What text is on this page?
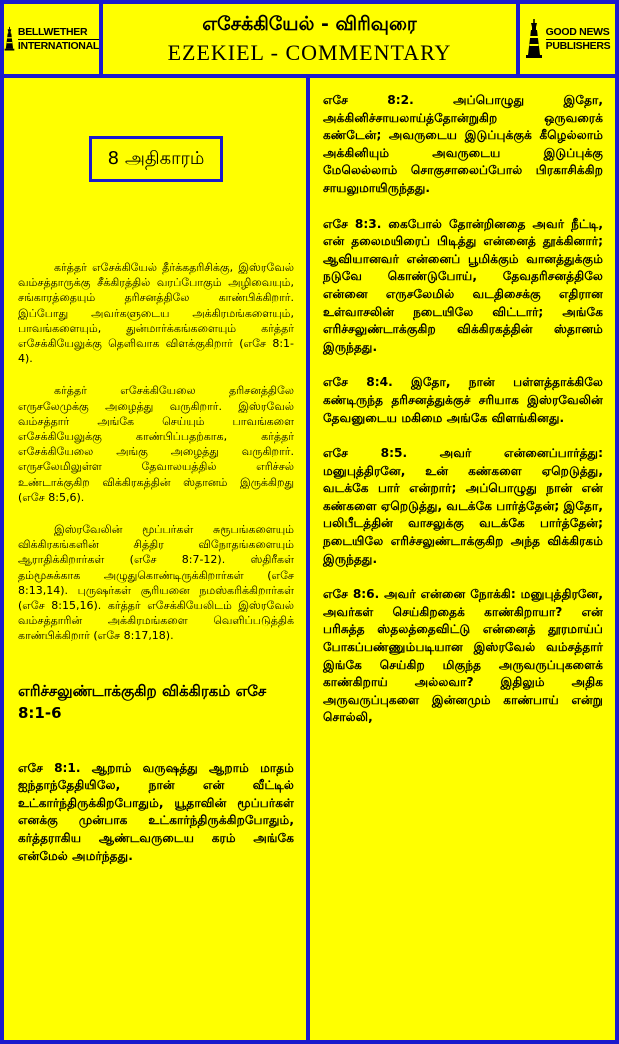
BELLWETHER
INTERNATIONAL
எசேக்கியேல் - விரிவுரை
EZEKIEL - COMMENTARY
GOOD NEWS
PUBLISHERS
8 அதிகாரம்

கர்த்தர் எசேக்கியேல் தீர்க்கதரிசிக்கு, இஸ்ரவேல் வம்சத்தாருக்கு சீக்கிரத்தில் வரப்போகும் அழிவையும், சங்காரத்தையும் தரிசனத்திலே காண்பிக்கிறார். இப்போது அவர்களுடைய அக்கிரமங்களையும், பாவங்களையும், துன்மார்க்கங்களையும் கர்த்தர் எசேக்கியேலுக்கு தெளிவாக விளக்குகிறார் (எசே 8:1-4).

கர்த்தர் எசேக்கியேலை தரிசனத்திலே எருசலேமுக்கு அழைத்து வருகிறார். இஸ்ரவேல் வம்சத்தார் அங்கே செய்யும் பாவங்களை எசேக்கியேலுக்கு காண்பிப்பதற்காக, கர்த்தர் எசேக்கியேலை அங்கு அழைத்து வருகிறார். எருசலேமிலுள்ள தேவாலயத்தில் எரிச்சல் உண்டாக்குகிற விக்கிரகத்தின் ஸ்தானம் இருக்கிறது (எசே 8:5,6).

இஸ்ரவேலின் மூப்பர்கள் சுரூபங்களையும் விக்கிரகங்களின் சித்திர விநோதங்களையும் ஆராதிக்கிறார்கள் (எசே 8:7-12). ஸ்திரீகள் தம்மூசுக்காக அழுதுகொண்டிருக்கிறார்கள் (எசே 8:13,14). புருஷர்கள் சூரியனை நமஸ்கரிக்கிறார்கள் (எசே 8:15,16). கர்த்தர் எசேக்கியேலிடம் இஸ்ரவேல் வம்சத்தாரின் அக்கிரமங்களை வெளிப்படுத்திக் காண்பிக்கிறார் (எசே 8:17,18).

எரிச்சலுண்டாக்குகிற விக்கிரகம் எசே 8:1-6

எசே 8:1. ஆறாம் வருஷத்து ஆறாம் மாதம் ஐந்தாந்தேதியிலே, நான் என் வீட்டில் உட்கார்ந்திருக்கிறபோதும், யூதாவின் மூப்பர்கள் எனக்கு முன்பாக உட்கார்ந்திருக்கிறபோதும், கர்த்தராகிய ஆண்டவருடைய கரம் அங்கே என்மேல் அமர்ந்தது.

எசே 8:2. அப்பொழுது இதோ, அக்கினிச்சாயலாய்த்தோன்றுகிற ஒருவரைக் கண்டேன்; அவருடைய இடுப்புக்குக் கீழெல்லாம் அக்கினியும் அவருடைய இடுப்புக்கு மேலெல்லாம் சொகுசாலைப்போல் பிரகாசிக்கிற சாயலுமாயிருந்தது.

எசே 8:3. கைபோல் தோன்றினதை அவர் நீட்டி, என் தலைமயிரைப் பிடித்து என்னைத் தூக்கினார்; ஆவியானவர் என்னைப் பூமிக்கும் வானத்துக்கும் நடுவே கொண்டுபோய், தேவதரிசனத்திலே என்னை எருசலேமில் வடதிசைக்கு எதிரான உள்வாசலின் நடையிலே விட்டார்; அங்கே எரிச்சலுண்டாக்குகிற விக்கிரகத்தின் ஸ்தானம் இருந்தது.

எசே 8:4. இதோ, நான் பள்ளத்தாக்கிலே கண்டிருந்த தரிசனத்துக்குச் சரியாக இஸ்ரவேலின் தேவனுடைய மகிமை அங்கே விளங்கினது.

எசே 8:5. அவர் என்னைப்பார்த்து: மனுபுத்திரனே, உன் கண்களை ஏறெடுத்து, வடக்கே பார் என்றார்; அப்பொழுது நான் என் கண்களை ஏறெடுத்து, வடக்கே பார்த்தேன்; இதோ, பலிபீடத்தின் வாசலுக்கு வடக்கே பார்த்தேன்; நடையிலே எரிச்சலுண்டாக்குகிற அந்த விக்கிரகம் இருந்தது.

எசே 8:6. அவர் என்னை நோக்கி: மனுபுத்திரனே, அவர்கள் செய்கிறதைக் காண்கிறாயா? என் பரிசுத்த ஸ்தலத்தைவிட்டு என்னைத் தூரமாய்ப் போகப்பண்ணும்படியான இஸ்ரவேல் வம்சத்தார் இங்கே செய்கிற மிகுந்த அருவருப்புகளைக் காண்கிறாய் அல்லவா? இதிலும் அதிக அருவருப்புகளை இன்னமும் காண்பாய் என்று சொல்லி,
